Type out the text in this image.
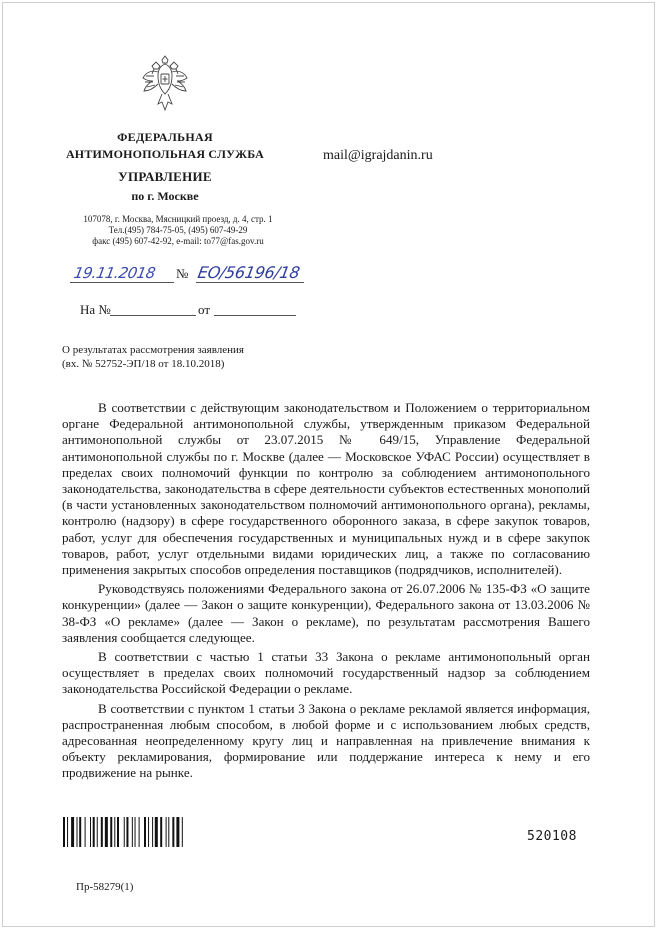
ФЕДЕРАЛЬНАЯ
АНТИМОНОПОЛЬНАЯ СЛУЖБА
УПРАВЛЕНИЕ
по г. Москве
mail@igrajdanin.ru
107078, г. Москва, Мясницкий проезд, д. 4, стр. 1
Тел.(495) 784-75-05, (495) 607-49-29
факс (495) 607-42-92, e-mail: to77@fas.gov.ru
19.11.2018 № ЕО/56196/18
На №	от
О результатах рассмотрения заявления
(вх. № 52752-ЭП/18 от 18.10.2018)

В соответствии с действующим законодательством и Положением о территориальном органе Федеральной антимонопольной службы, утвержденным приказом Федеральной антимонопольной службы от 23.07.2015 № 649/15, Управление Федеральной антимонопольной службы по г. Москве (далее — Московское УФАС России) осуществляет в пределах своих полномочий функции по контролю за соблюдением антимонопольного законодательства, законодательства в сфере деятельности субъектов естественных монополий (в части установленных законодательством полномочий антимонопольного органа), рекламы, контролю (надзору) в сфере государственного оборонного заказа, в сфере закупок товаров, работ, услуг для обеспечения государственных и муниципальных нужд и в сфере закупок товаров, работ, услуг отдельными видами юридических лиц, а также по согласованию применения закрытых способов определения поставщиков (подрядчиков, исполнителей).

Руководствуясь положениями Федерального закона от 26.07.2006 № 135-ФЗ «О защите конкуренции» (далее — Закон о защите конкуренции), Федерального закона от 13.03.2006 № 38-ФЗ «О рекламе» (далее — Закон о рекламе), по результатам рассмотрения Вашего заявления сообщается следующее.

В соответствии с частью 1 статьи 33 Закона о рекламе антимонопольный орган осуществляет в пределах своих полномочий государственный надзор за соблюдением законодательства Российской Федерации о рекламе.

В соответствии с пунктом 1 статьи 3 Закона о рекламе рекламой является информация, распространенная любым способом, в любой форме и с использованием любых средств, адресованная неопределенному кругу лиц и направленная на привлечение внимания к объекту рекламирования, формирование или поддержание интереса к нему и его продвижение на рынке.

520108
Пр-58279(1)
